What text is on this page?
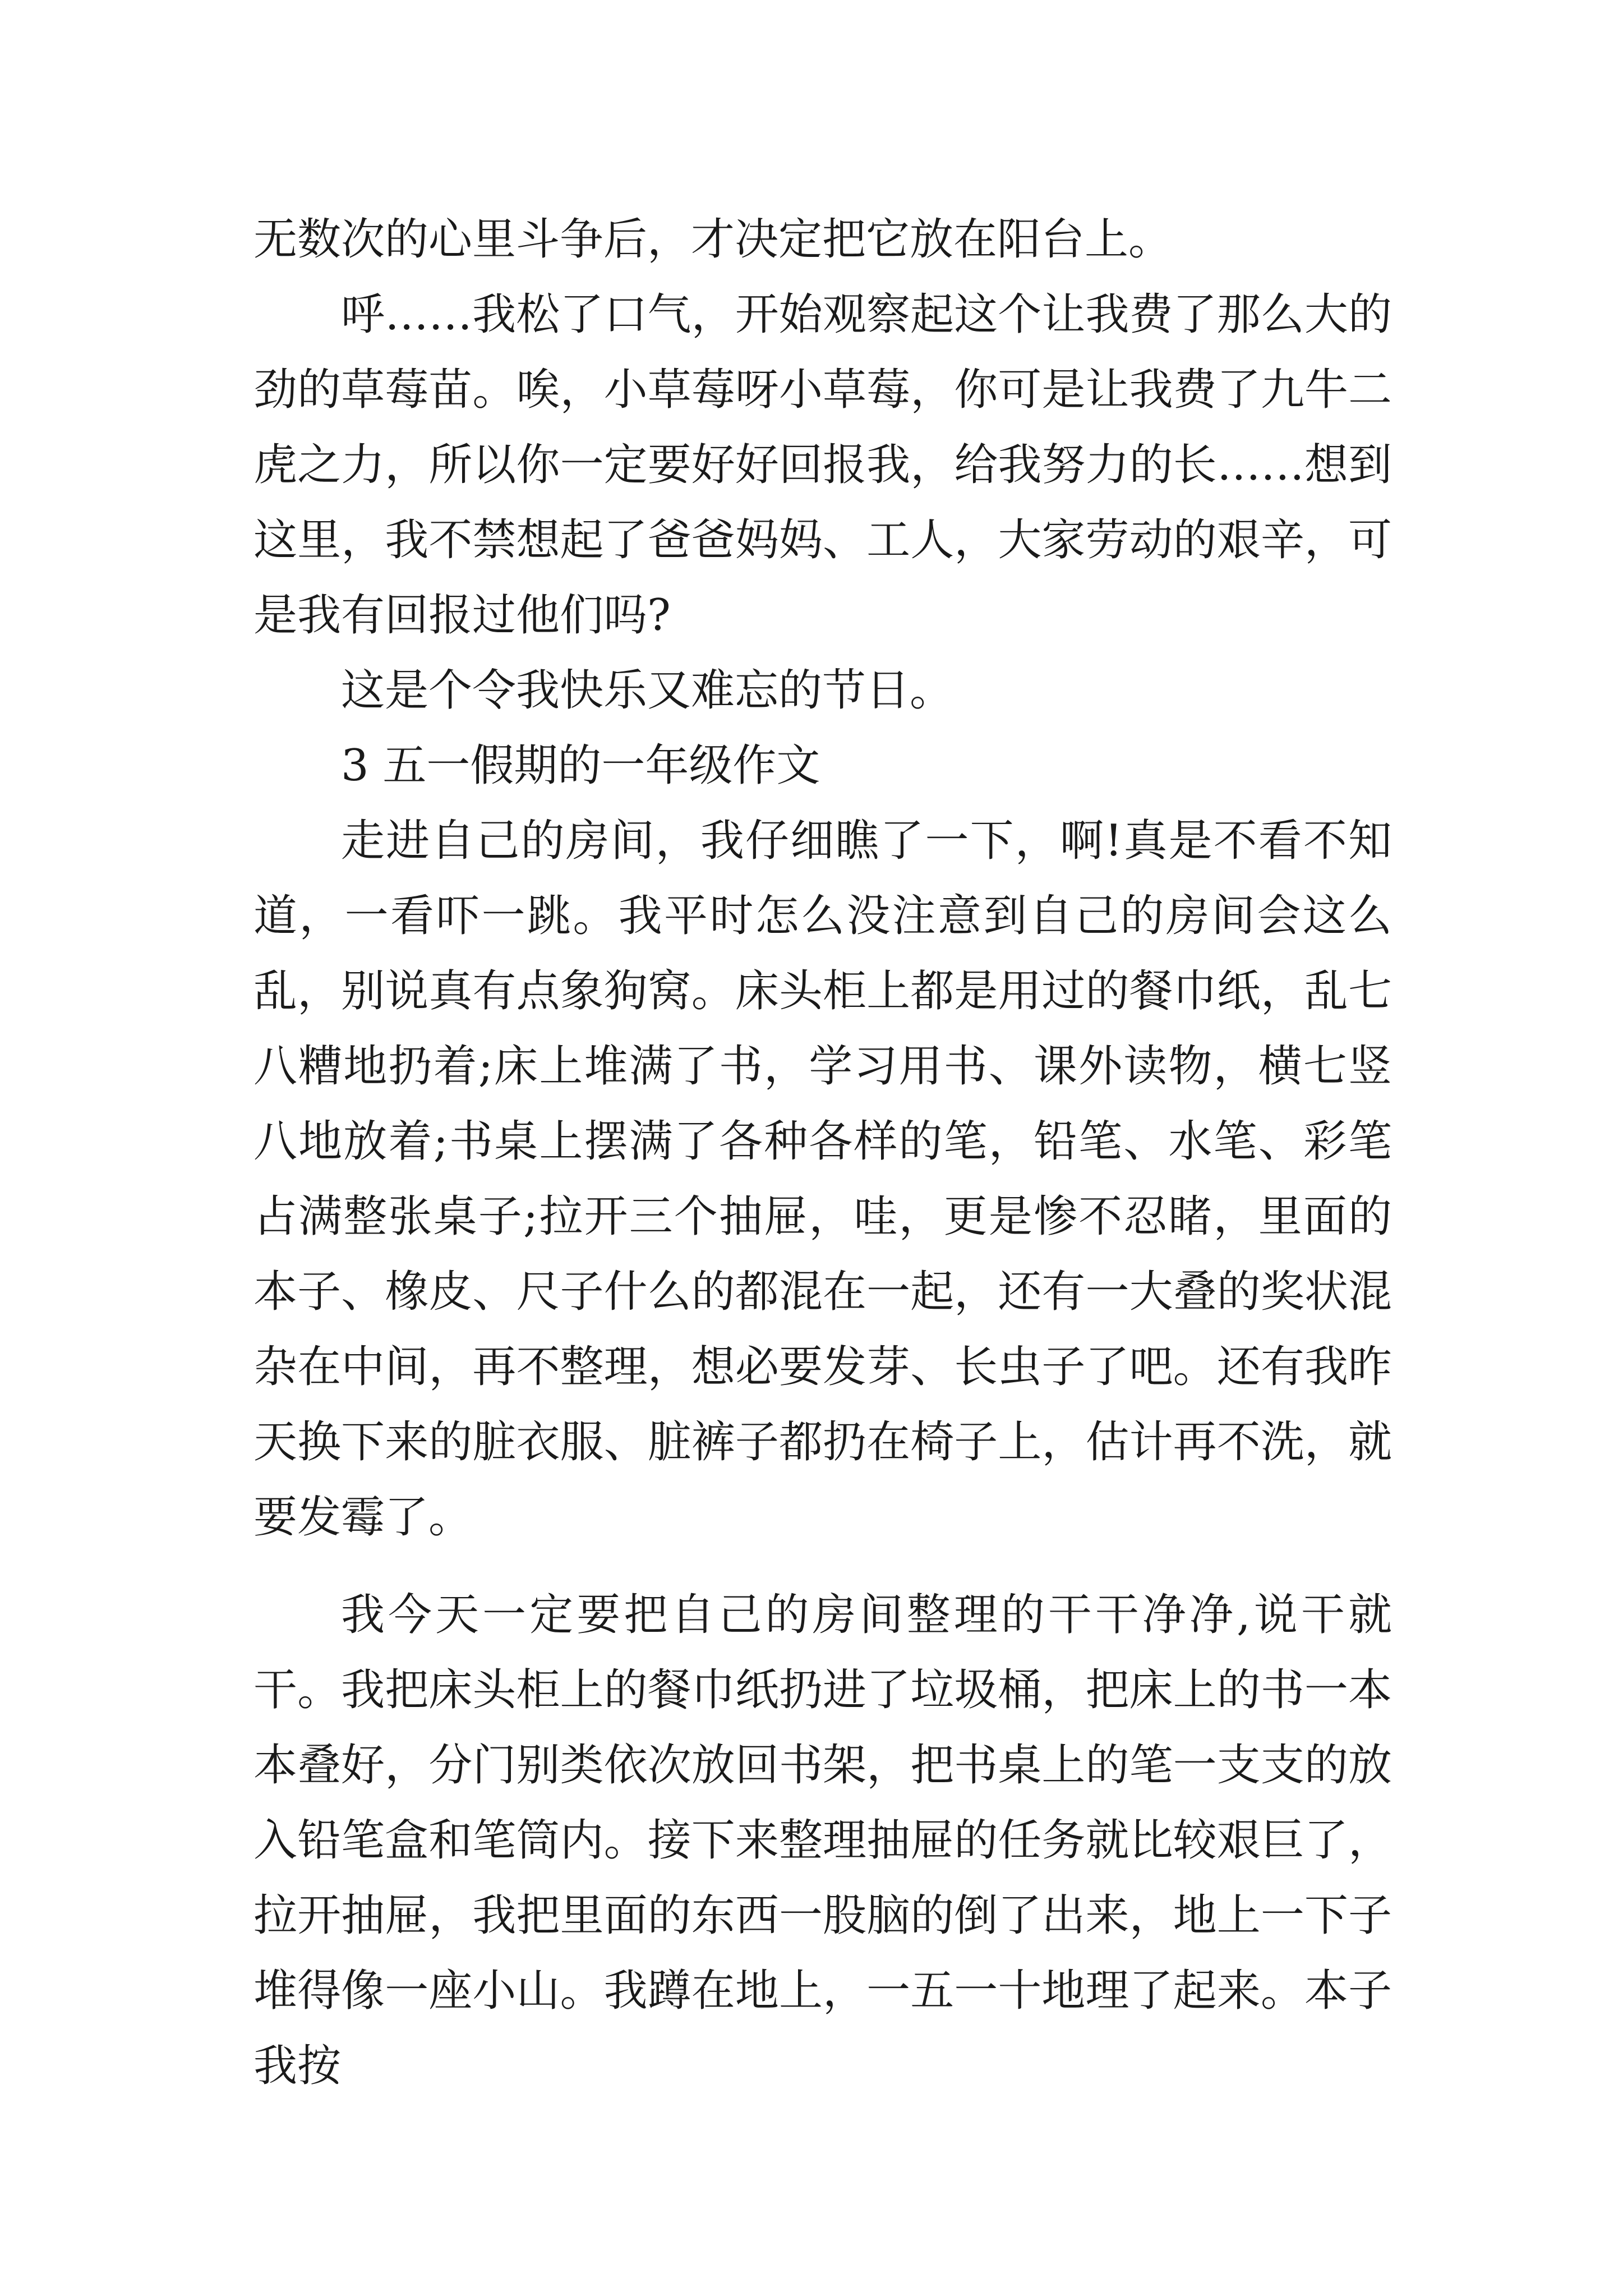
无数次的心里斗争后，才决定把它放在阳台上。

呼……我松了口气，开始观察起这个让我费了那么大的劲的草莓苗。唉，小草莓呀小草莓，你可是让我费了九牛二虎之力，所以你一定要好好回报我，给我努力的长……想到这里，我不禁想起了爸爸妈妈、工人，大家劳动的艰辛，可是我有回报过他们吗?

这是个令我快乐又难忘的节日。

3 五一假期的一年级作文

走进自己的房间，我仔细瞧了一下，啊!真是不看不知道，一看吓一跳。我平时怎么没注意到自己的房间会这么乱，别说真有点象狗窝。床头柜上都是用过的餐巾纸，乱七八糟地扔着;床上堆满了书，学习用书、课外读物，横七竖八地放着;书桌上摆满了各种各样的笔，铅笔、水笔、彩笔占满整张桌子;拉开三个抽屉，哇，更是惨不忍睹，里面的本子、橡皮、尺子什么的都混在一起，还有一大叠的奖状混杂在中间，再不整理，想必要发芽、长虫子了吧。还有我昨天换下来的脏衣服、脏裤子都扔在椅子上，估计再不洗，就要发霉了。

我今天一定要把自己的房间整理的干干净净,说干就干。我把床头柜上的餐巾纸扔进了垃圾桶，把床上的书一本本叠好，分门别类依次放回书架，把书桌上的笔一支支的放入铅笔盒和笔筒内。接下来整理抽屉的任务就比较艰巨了，拉开抽屉，我把里面的东西一股脑的倒了出来，地上一下子堆得像一座小山。我蹲在地上，一五一十地理了起来。本子我按
